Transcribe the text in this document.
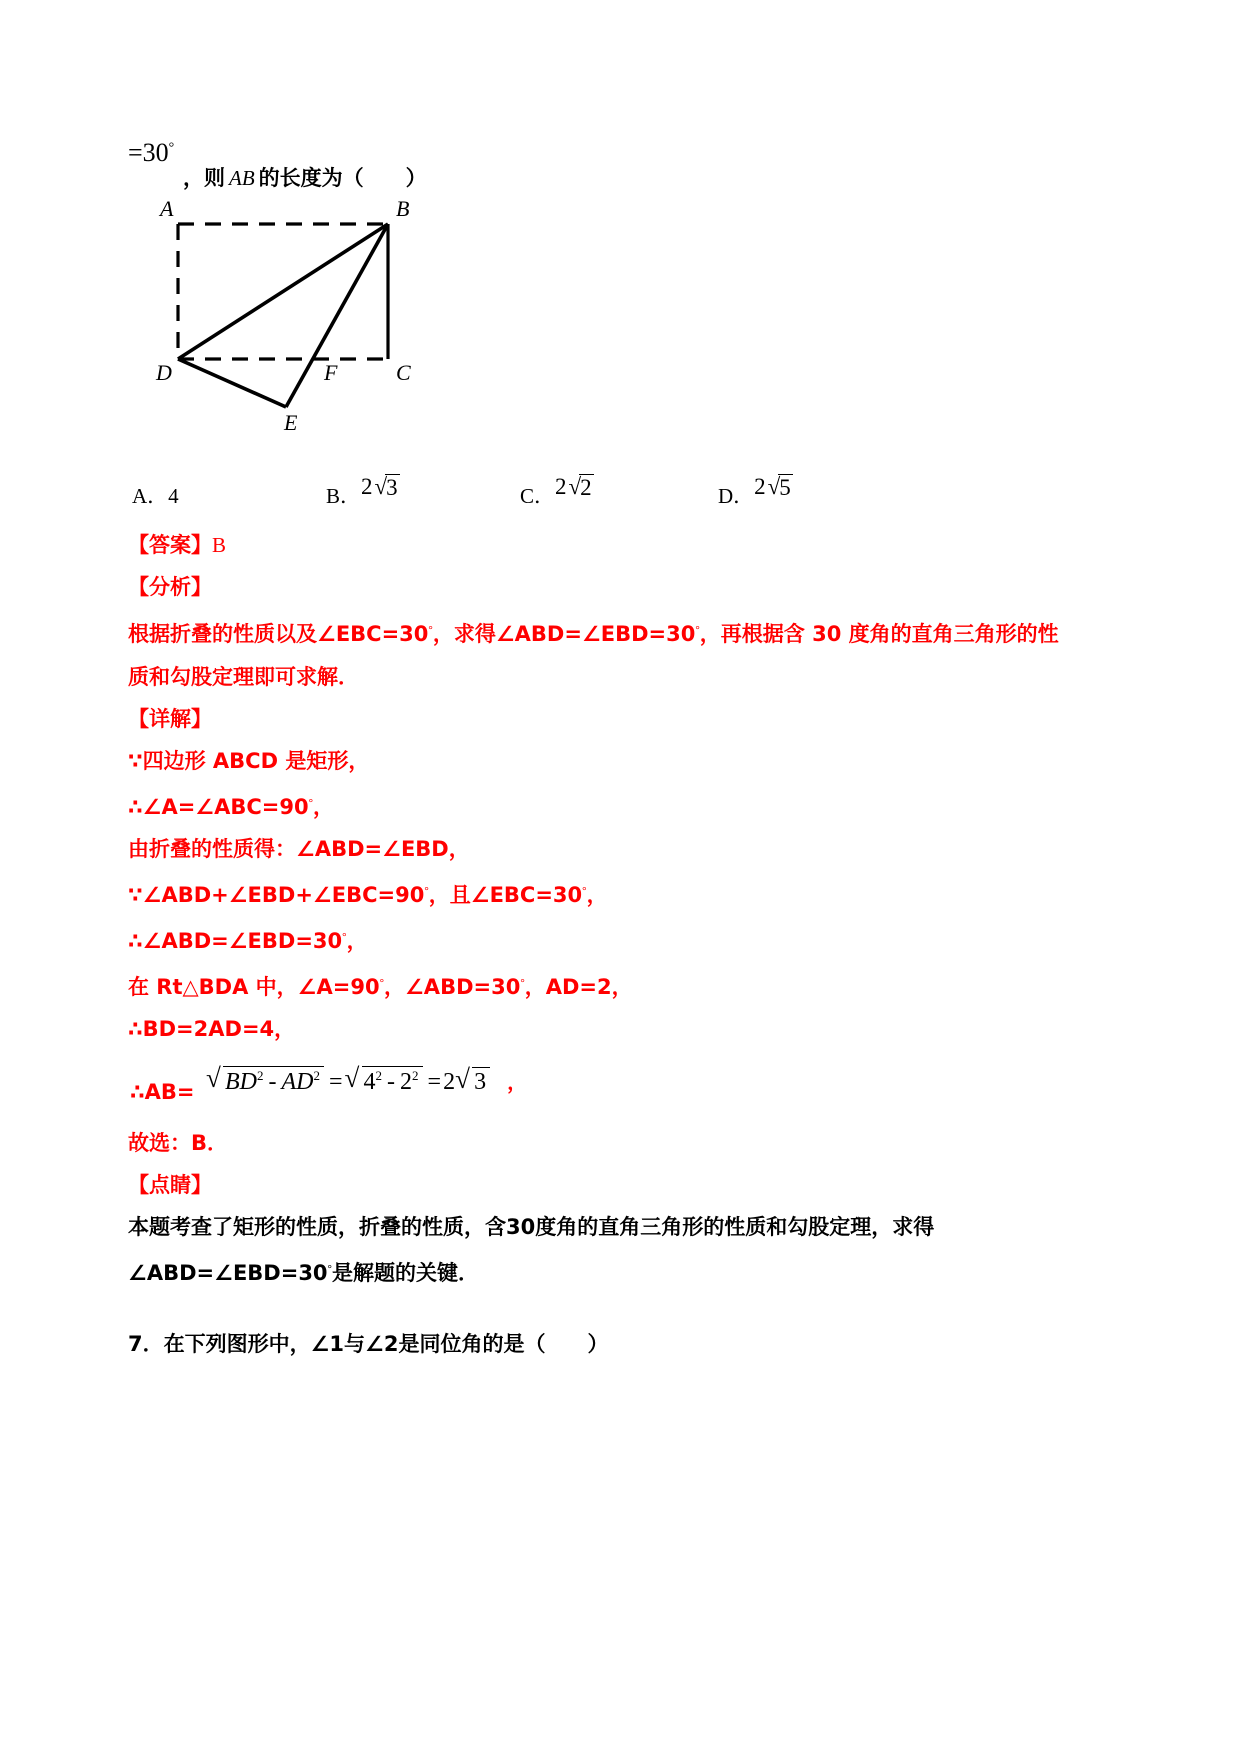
=30°
，则 AB 的长度为（　　）
A	B
C
D
E
F
A．4	B．2√3	C．2√2	D．2√5
【答案】B
【分析】
根据折叠的性质以及∠EBC=30°，求得∠ABD=∠EBD=30°，再根据含 30 度角的直角三角形的性
质和勾股定理即可求解．
【详解】
∵四边形 ABCD 是矩形，
∴∠A=∠ABC=90°，
由折叠的性质得：∠ABD=∠EBD，
∵∠ABD+∠EBD+∠EBC=90°，且∠EBC=30°，
∴∠ABD=∠EBD=30°，
在 Rt△BDA 中，∠A=90°，∠ABD=30°，AD=2，
∴BD=2AD=4，
∴AB=	√ $BD^2 - AD^2$ = √ $4^2 - 2^2 =2$ √ 3 ，
故选：B．
【点睛】
本题考查了矩形的性质，折叠的性质，含30度角的直角三角形的性质和勾股定理，求得
∠ABD=∠EBD=30°是解题的关键．
7．在下列图形中，∠1与∠2是同位角的是（　　）
